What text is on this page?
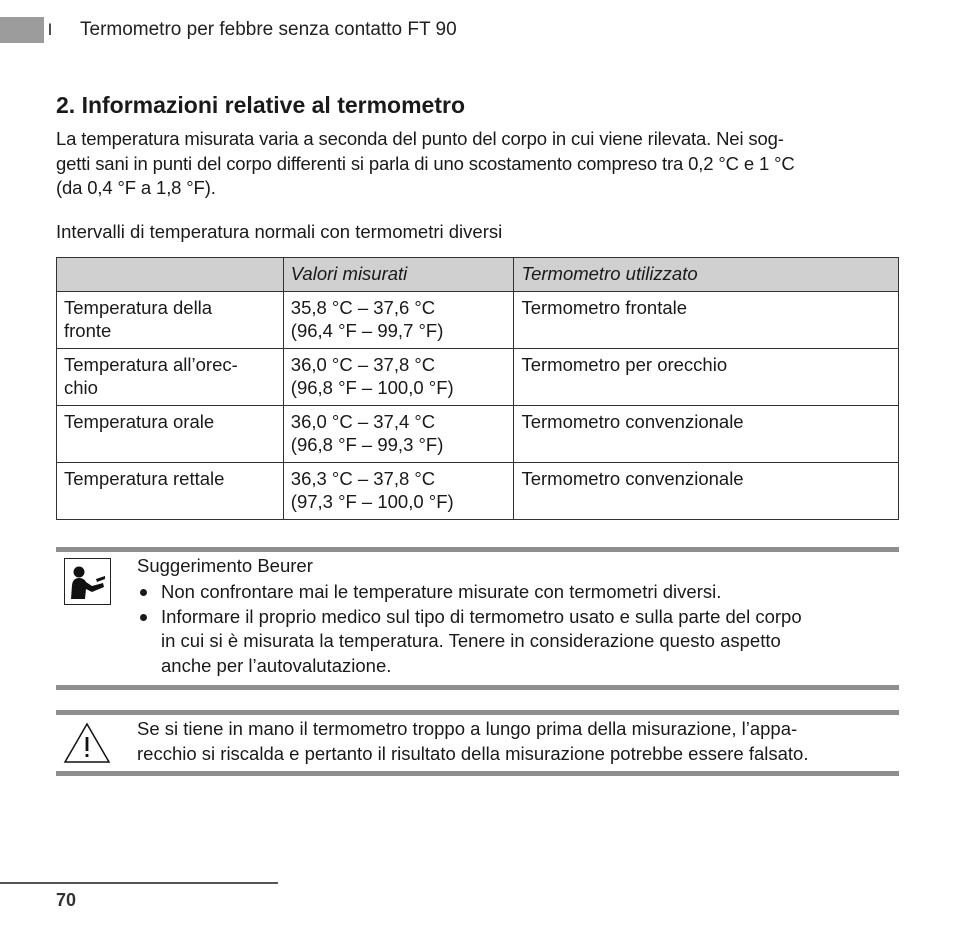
I Termometro per febbre senza contatto FT 90
2. Informazioni relative al termometro

La temperatura misurata varia a seconda del punto del corpo in cui viene rilevata. Nei sog-
getti sani in punti del corpo differenti si parla di uno scostamento compreso tra 0,2 °C e 1 °C
(da 0,4 °F a 1,8 °F).

Intervalli di temperatura normali con termometri diversi
	Valori misurati	Termometro utilizzato

Temperatura della
fronte	35,8 °C – 37,6 °C
(96,4 °F – 99,7 °F)	Termometro frontale

Temperatura all’orec-
chio	36,0 °C – 37,8 °C
(96,8 °F – 100,0 °F)	Termometro per orecchio

Temperatura orale	36,0 °C – 37,4 °C
(96,8 °F – 99,3 °F)	Termometro convenzionale

Temperatura rettale	36,3 °C – 37,8 °C
(97,3 °F – 100,0 °F)	Termometro convenzionale
Suggerimento Beurer
Non confrontare mai le temperature misurate con termometri diversi.
Informare il proprio medico sul tipo di termometro usato e sulla parte del corpo
in cui si è misurata la temperatura. Tenere in considerazione questo aspetto
anche per l’autovalutazione.

Se si tiene in mano il termometro troppo a lungo prima della misurazione, l’appa-
recchio si riscalda e pertanto il risultato della misurazione potrebbe essere falsato.

70
